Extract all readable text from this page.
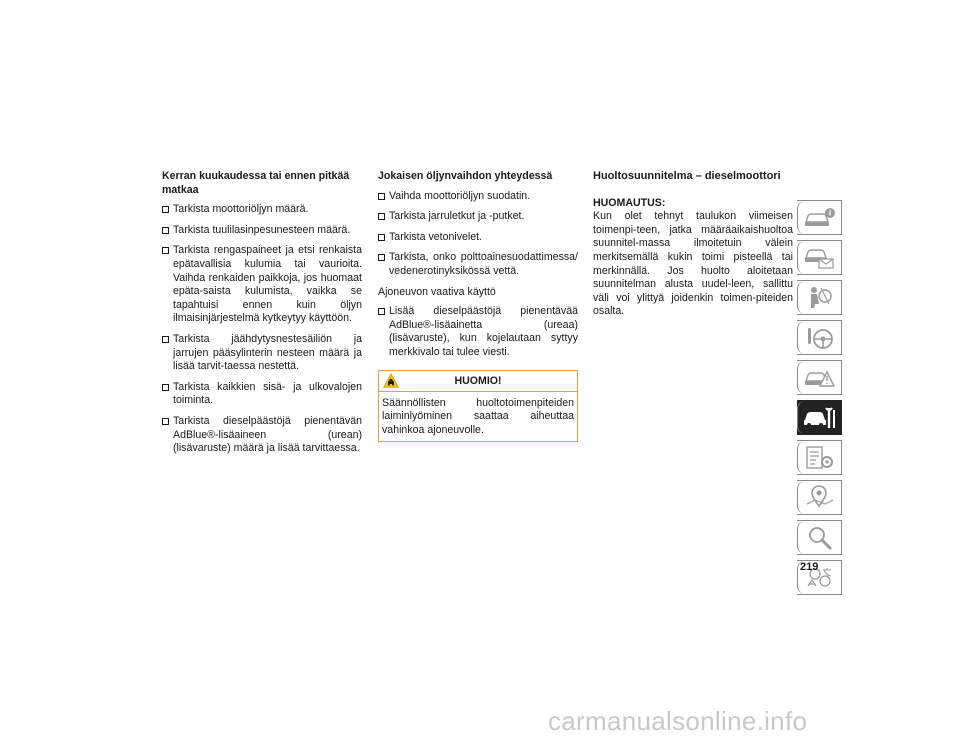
Kerran kuukaudessa tai ennen pitkää matkaa
Tarkista moottoriöljyn määrä.
Tarkista tuulilasinpesunesteen määrä.
Tarkista rengaspaineet ja etsi renkaista epätavallisia kulumia tai vaurioita. Vaihda renkaiden paikkoja, jos huomaat epäta-saista kulumista, vaikka se tapahtuisi ennen kuin öljyn ilmaisinjärjestelmä kytkeytyy käyttöön.
Tarkista jäähdytysnestesäiliön ja jarrujen pääsylinterin nesteen määrä ja lisää tarvit-taessa nestettä.
Tarkista kaikkien sisä- ja ulkovalojen toiminta.
Tarkista dieselpäästöjä pienentävän AdBlue®-lisäaineen (urean) (lisävaruste) määrä ja lisää tarvittaessa.
Jokaisen öljynvaihdon yhteydessä
Vaihda moottoriöljyn suodatin.
Tarkista jarruletkut ja -putket.
Tarkista vetonivelet.
Tarkista, onko polttoainesuodattimessa/ vedenerotinyksikössä vettä.
Ajoneuvon vaativa käyttö
Lisää dieselpäästöjä pienentävää AdBlue®-lisäainetta (ureaa) (lisävaruste), kun kojelautaan syttyy merkkivalo tai tulee viesti.
HUOMIO!
Säännöllisten huoltotoimenpiteiden laiminlyöminen saattaa aiheuttaa vahinkoa ajoneuvolle.
Huoltosuunnitelma – dieselmoottori
HUOMAUTUS:
Kun olet tehnyt taulukon viimeisen toimenpi-teen, jatka määräaikaishuoltoa suunnitel-massa ilmoitetuin välein merkitsemällä kukin toimi pisteellä tai merkinnällä. Jos huolto aloitetaan suunnitelman alusta uudel-leen, sallittu väli voi ylittyä joidenkin toimen-piteiden osalta.
219
carmanualsonline.info
